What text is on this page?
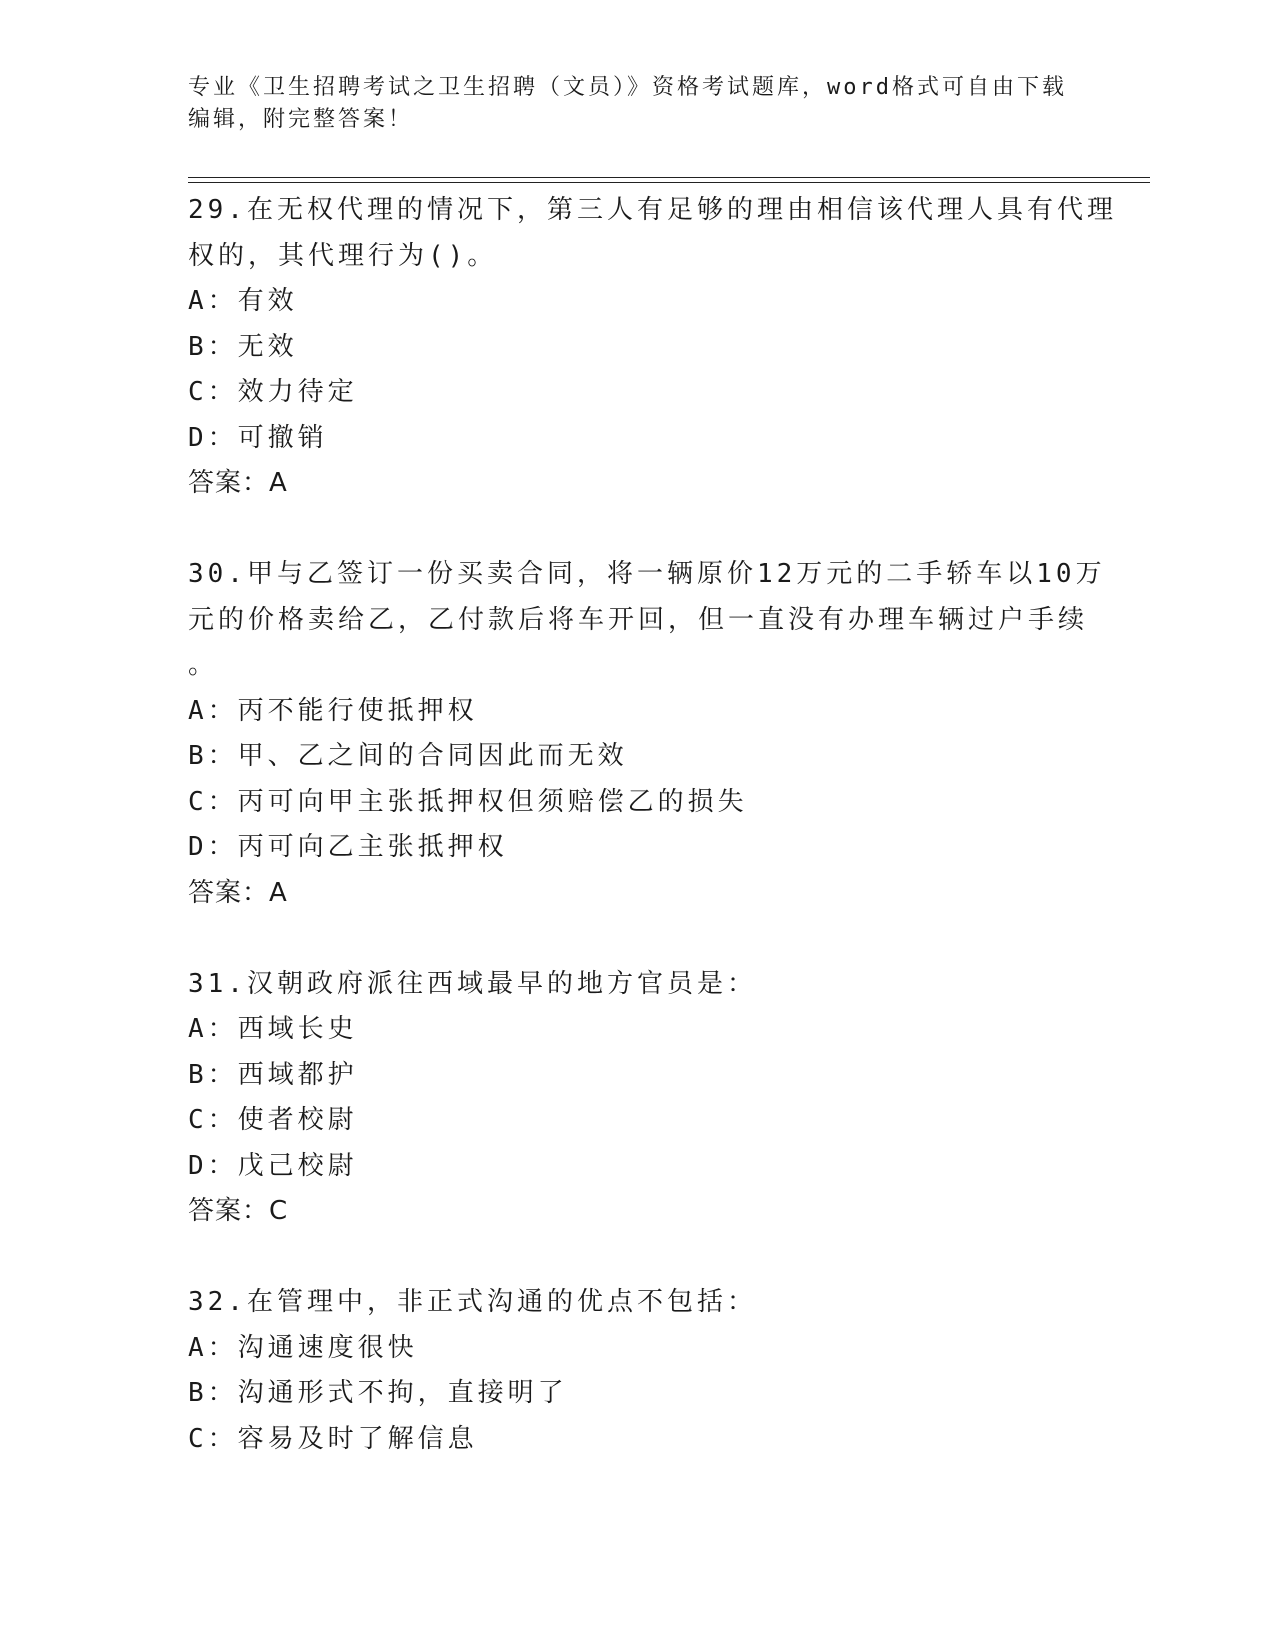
专业《卫生招聘考试之卫生招聘（文员）》资格考试题库，word格式可自由下载
编辑，附完整答案！
29.在无权代理的情况下，第三人有足够的理由相信该代理人具有代理
权的，其代理行为()。
A：有效
B：无效
C：效力待定
D：可撤销
答案：A
30.甲与乙签订一份买卖合同，将一辆原价12万元的二手轿车以10万
元的价格卖给乙，乙付款后将车开回，但一直没有办理车辆过户手续
。
A：丙不能行使抵押权
B：甲、乙之间的合同因此而无效
C：丙可向甲主张抵押权但须赔偿乙的损失
D：丙可向乙主张抵押权
答案：A
31.汉朝政府派往西域最早的地方官员是：
A：西域长史
B：西域都护
C：使者校尉
D：戊己校尉
答案：C
32.在管理中，非正式沟通的优点不包括：
A：沟通速度很快
B：沟通形式不拘，直接明了
C：容易及时了解信息
